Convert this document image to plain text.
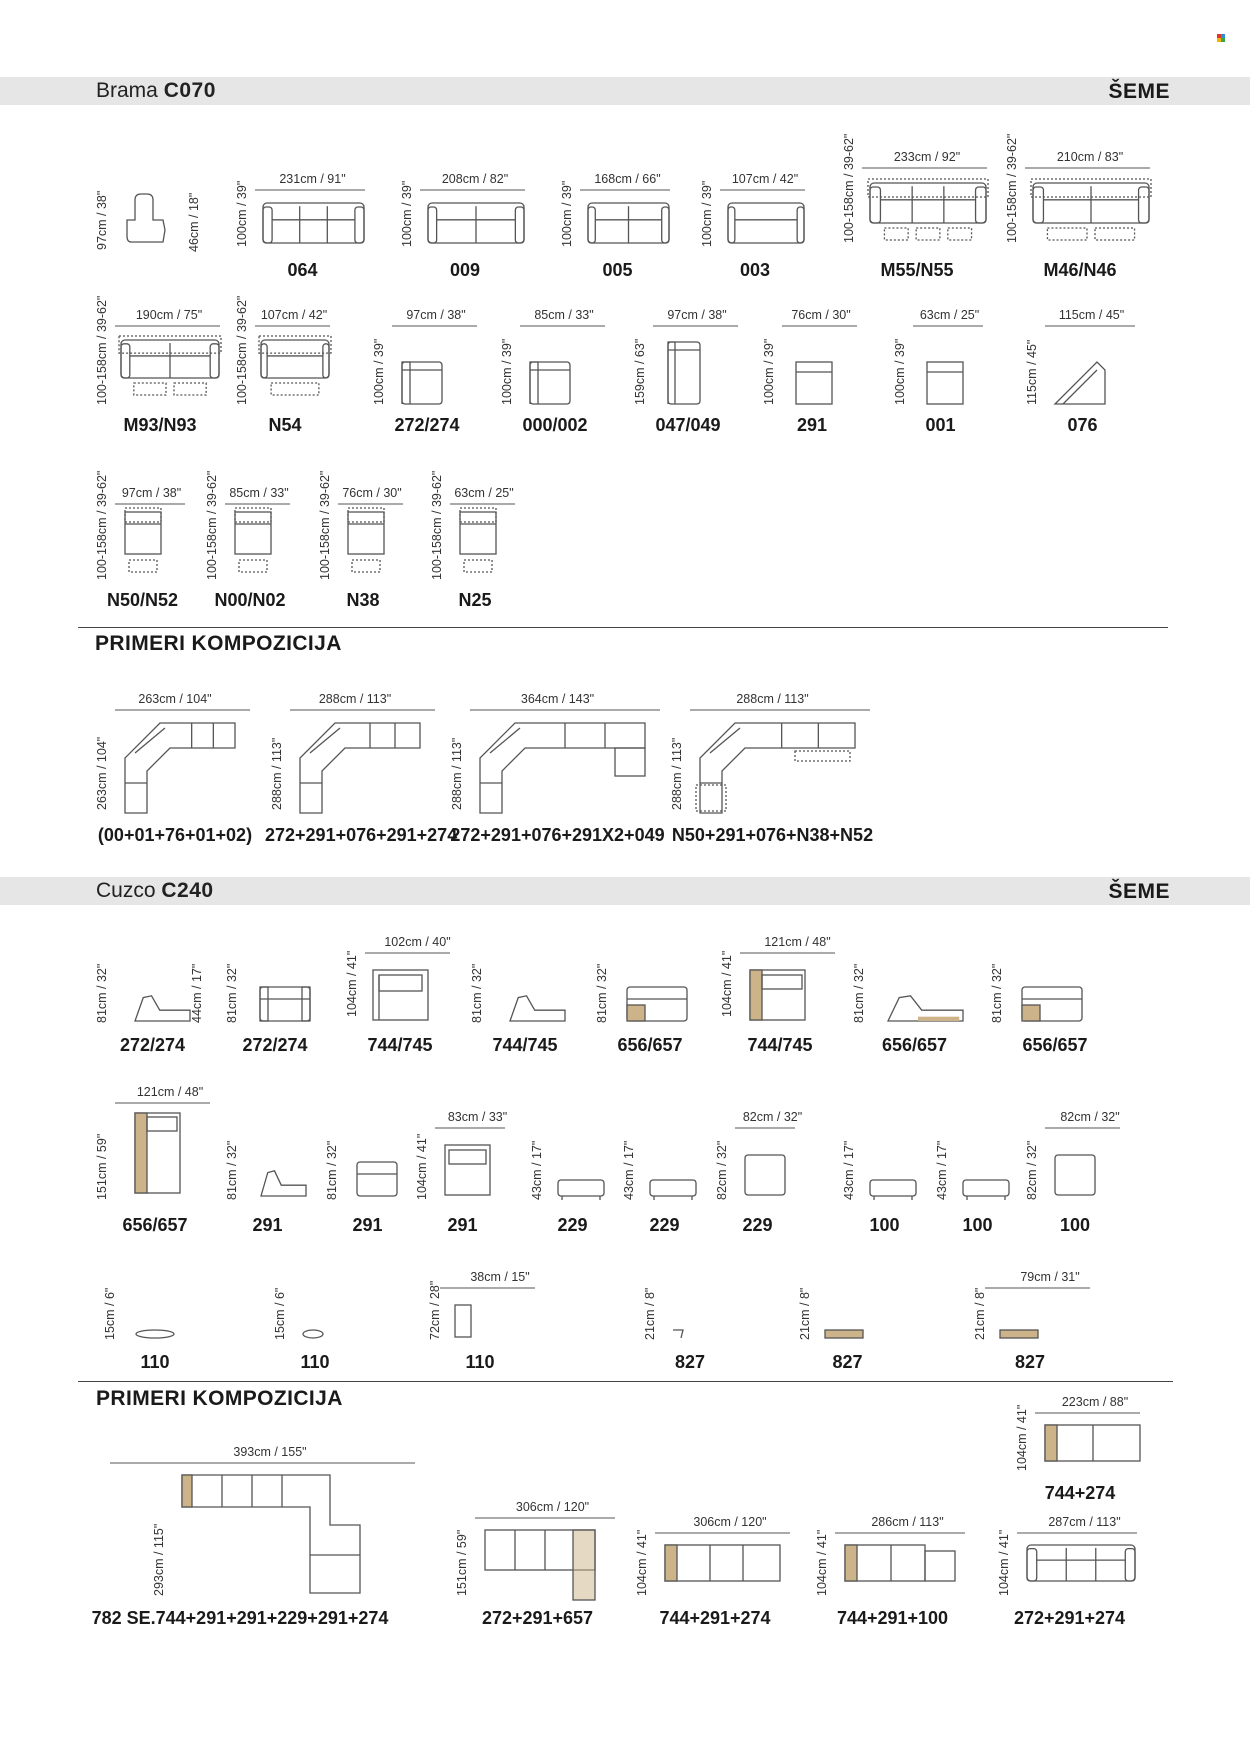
Brama C070	ŠEME
97cm / 38"	46cm / 18"
231cm / 91"
100cm / 39"
064
208cm / 82"
100cm / 39"
009
168cm / 66"
100cm / 39"
005
107cm / 42"
100cm / 39"
003
233cm / 92"
100-158cm / 39-62"
M55/N55
210cm / 83"
100-158cm / 39-62"
M46/N46
190cm / 75"
100-158cm / 39-62"
M93/N93
107cm / 42"
100-158cm / 39-62"
N54
97cm / 38"
100cm / 39"
272/274
85cm / 33"
100cm / 39"
000/002
97cm / 38"
159cm / 63"
047/049
76cm / 30"
100cm / 39"
291
63cm / 25"
100cm / 39"
001
115cm / 45"
115cm / 45"
076
97cm / 38"
100-158cm / 39-62"
N50/N52
85cm / 33"
100-158cm / 39-62"
N00/N02
76cm / 30"
100-158cm / 39-62"
N38
63cm / 25"
100-158cm / 39-62"
N25
263cm / 104"
263cm / 104"
(00+01+76+01+02)
288cm / 113"
288cm / 113"
272+291+076+291+274
364cm / 143"
288cm / 113"
272+291+076+291X2+049
288cm / 113"
288cm / 113"
N50+291+076+N38+N52
PRIMERI KOMPOZICIJA
Cuzco C240	ŠEME
81cm / 32"	44cm / 17"
272/274
81cm / 32"
272/274
102cm / 40"
104cm / 41"
744/745
81cm / 32"
744/745
81cm / 32"
656/657
121cm / 48"
104cm / 41"
744/745
81cm / 32"
656/657
81cm / 32"
656/657
121cm / 48"
151cm / 59"
656/657
81cm / 32"
291
81cm / 32"
291
83cm / 33"
104cm / 41"
291
43cm / 17"
229
43cm / 17"
229
82cm / 32"
82cm / 32"
229
43cm / 17"
100
43cm / 17"
100
82cm / 32"
82cm / 32"
100
15cm / 6"
110
15cm / 6"
110
38cm / 15"
72cm / 28"
110
21cm / 8"
827
21cm / 8"
827
79cm / 31"
21cm / 8"
827
393cm / 155"
293cm / 115"
782 SE.744+291+291+229+291+274
306cm / 120"
151cm / 59"
272+291+657
306cm / 120"
104cm / 41"
744+291+274
286cm / 113"
104cm / 41"
744+291+100
287cm / 113"
104cm / 41"
272+291+274
223cm / 88"
104cm / 41"
744+274
PRIMERI KOMPOZICIJA
